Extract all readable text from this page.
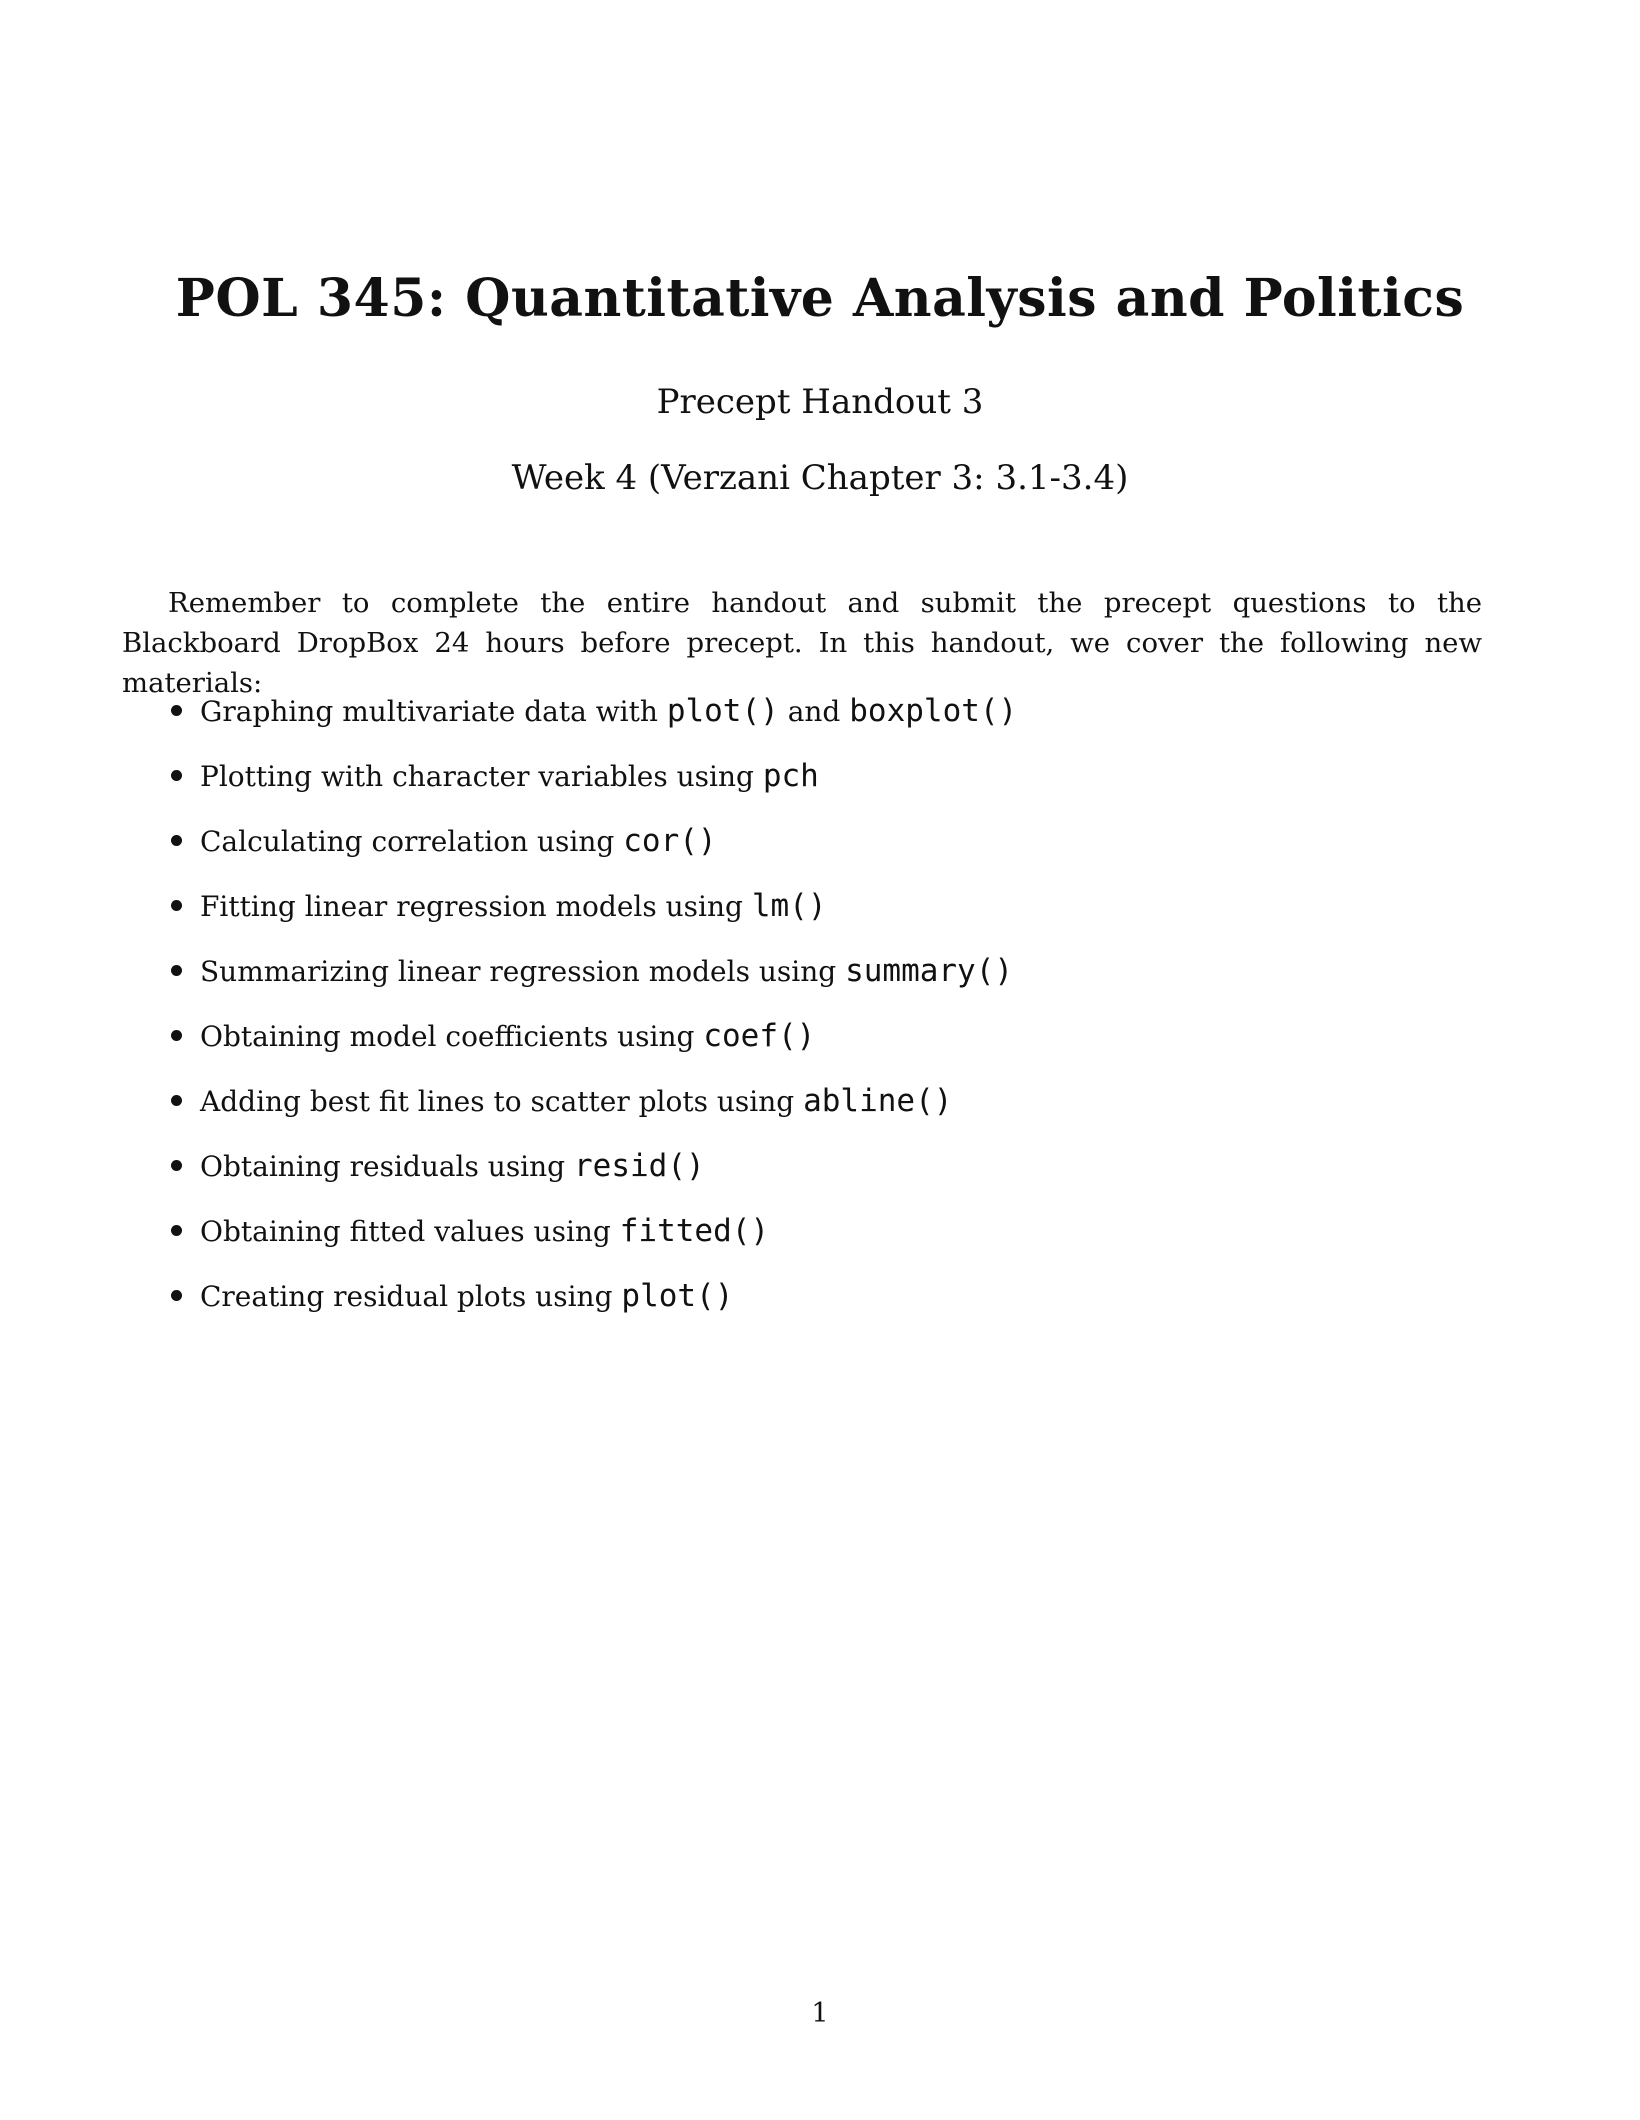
POL 345: Quantitative Analysis and Politics

Precept Handout 3

Week 4 (Verzani Chapter 3: 3.1-3.4)

Remember to complete the entire handout and submit the precept questions to the Blackboard DropBox 24 hours before precept. In this handout, we cover the following new materials:

Graphing multivariate data with plot() and boxplot()
Plotting with character variables using pch
Calculating correlation using cor()
Fitting linear regression models using lm()
Summarizing linear regression models using summary()
Obtaining model coefficients using coef()
Adding best fit lines to scatter plots using abline()
Obtaining residuals using resid()
Obtaining fitted values using fitted()
Creating residual plots using plot()

1
